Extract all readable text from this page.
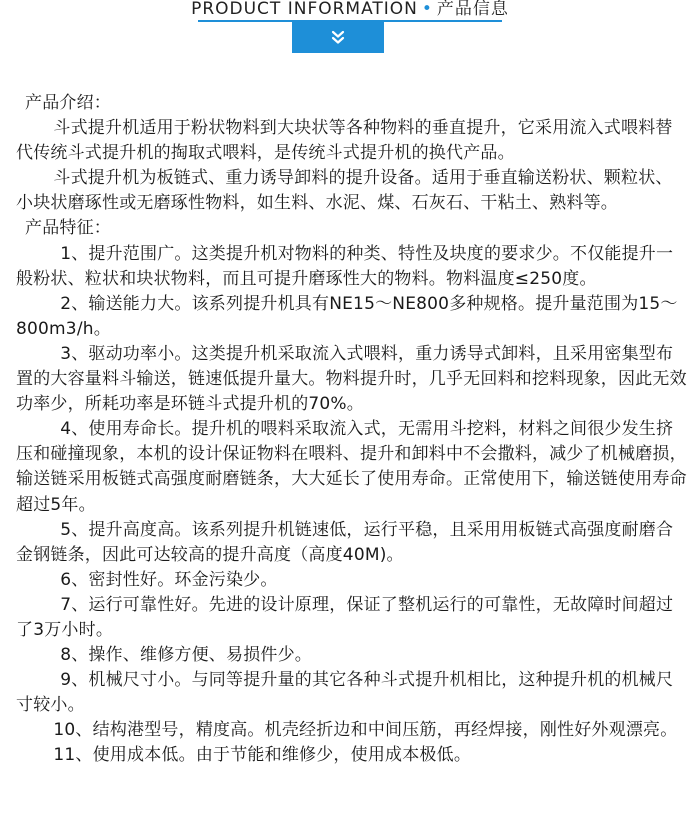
PRODUCT INFORMATION • 产品信息

产品介绍：

斗式提升机适用于粉状物料到大块状等各种物料的垂直提升，它采用流入式喂料替代传统斗式提升机的掏取式喂料，是传统斗式提升机的换代产品。

斗式提升机为板链式、重力诱导卸料的提升设备。适用于垂直输送粉状、颗粒状、小块状磨琢性或无磨琢性物料，如生料、水泥、煤、石灰石、干粘土、熟料等。

产品特征：

1、提升范围广。这类提升机对物料的种类、特性及块度的要求少。不仅能提升一般粉状、粒状和块状物料，而且可提升磨琢性大的物料。物料温度≤250度。

2、输送能力大。该系列提升机具有NE15～NE800多种规格。提升量范围为15～800m3/h。

3、驱动功率小。这类提升机采取流入式喂料，重力诱导式卸料，且采用密集型布置的大容量料斗输送，链速低提升量大。物料提升时，几乎无回料和挖料现象，因此无效功率少，所耗功率是环链斗式提升机的70%。

4、使用寿命长。提升机的喂料采取流入式，无需用斗挖料，材料之间很少发生挤压和碰撞现象，本机的设计保证物料在喂料、提升和卸料中不会撒料，减少了机械磨损，输送链采用板链式高强度耐磨链条，大大延长了使用寿命。正常使用下，输送链使用寿命超过5年。

5、提升高度高。该系列提升机链速低，运行平稳，且采用用板链式高强度耐磨合金钢链条，因此可达较高的提升高度（高度40M)。

6、密封性好。环金污染少。

7、运行可靠性好。先进的设计原理，保证了整机运行的可靠性，无故障时间超过了3万小时。

8、操作、维修方便、易损件少。

9、机械尺寸小。与同等提升量的其它各种斗式提升机相比，这种提升机的机械尺寸较小。

10、结构港型号，精度高。机壳经折边和中间压筋，再经焊接，刚性好外观漂亮。

11、使用成本低。由于节能和维修少，使用成本极低。
